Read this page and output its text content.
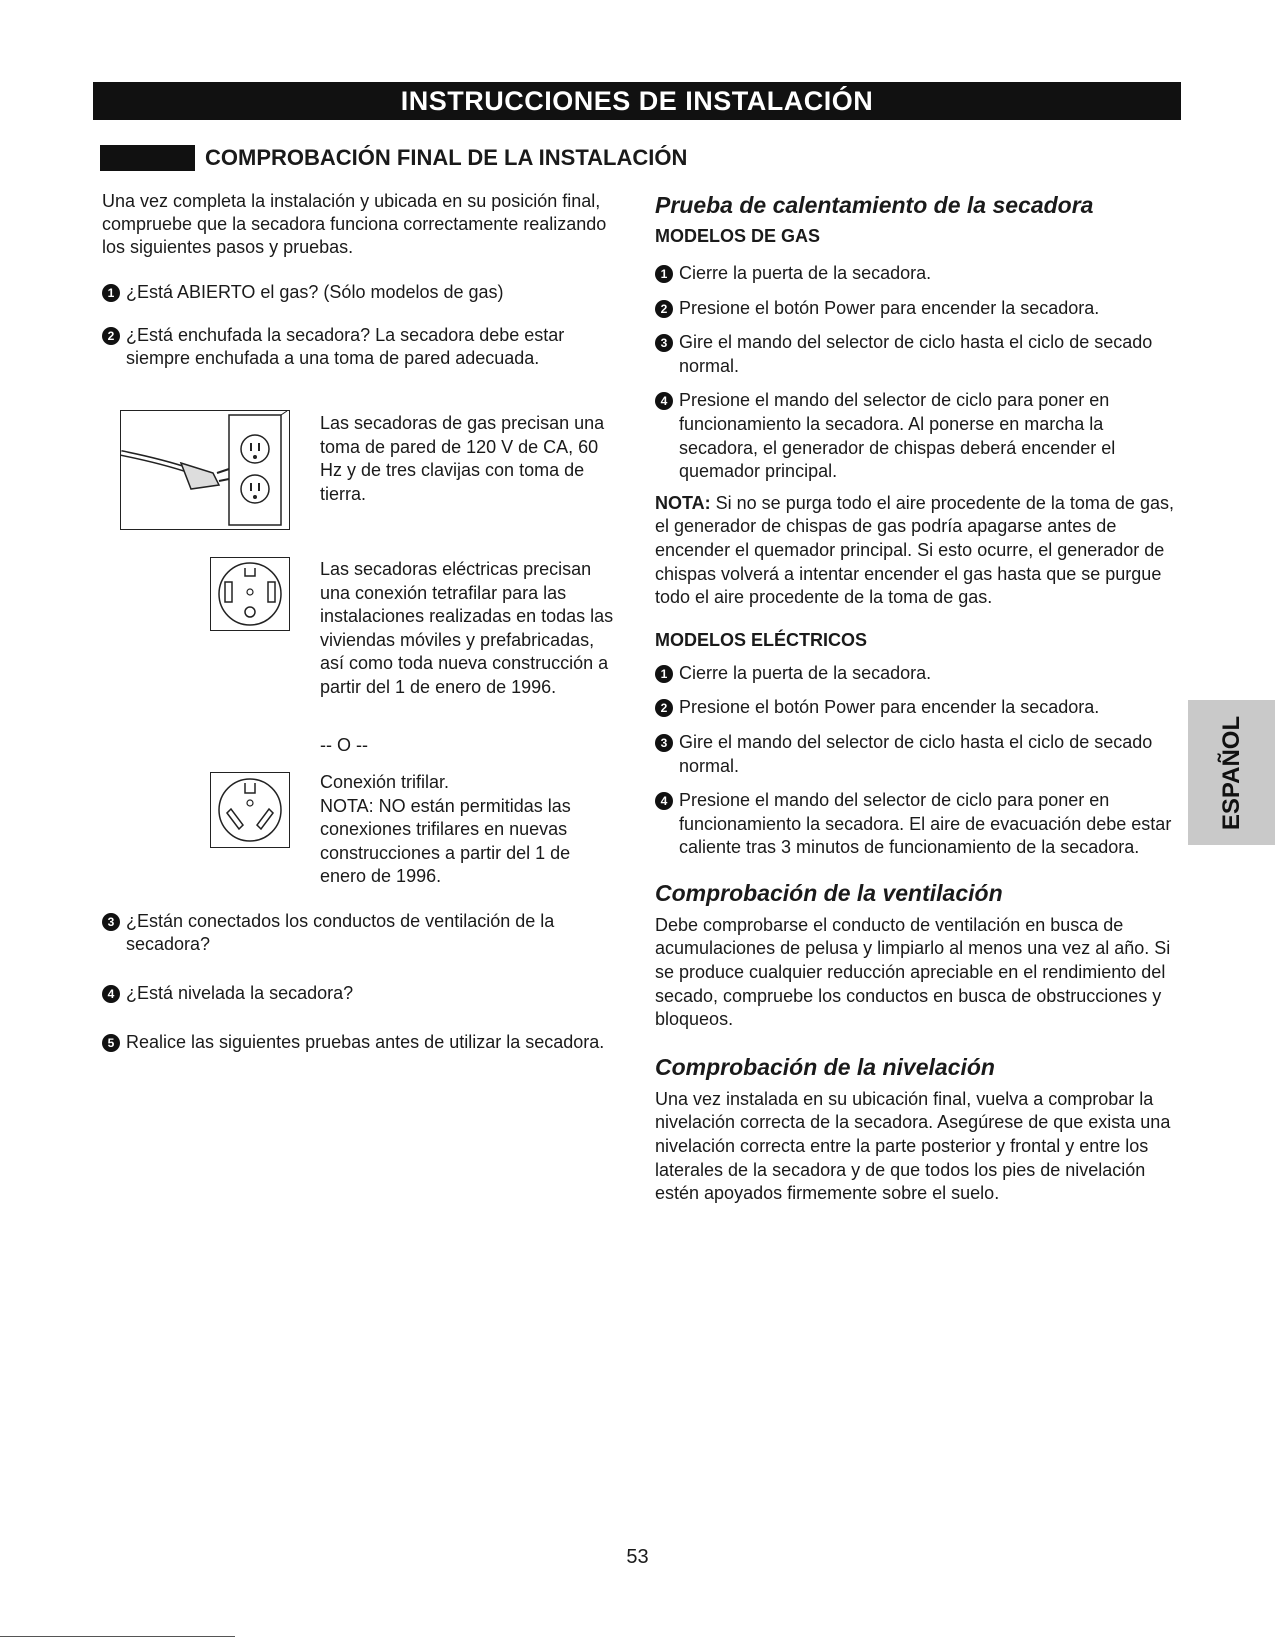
INSTRUCCIONES DE INSTALACIÓN
COMPROBACIÓN FINAL DE LA INSTALACIÓN

Una vez completa la instalación y ubicada en su posición final, compruebe que la secadora funciona correctamente realizando los siguientes pasos y pruebas.

1 ¿Está ABIERTO el gas? (Sólo modelos de gas)

2 ¿Está enchufada la secadora? La secadora debe estar siempre enchufada a una toma de pared adecuada.

Las secadoras de gas precisan una toma de pared de 120 V de CA, 60 Hz y de tres clavijas con toma de tierra.
Las secadoras eléctricas precisan una conexión tetrafilar para las instalaciones realizadas en todas las viviendas móviles y prefabricadas, así como toda nueva construcción a partir del 1 de enero de 1996.
-- O --
Conexión trifilar.
NOTA: NO están permitidas las conexiones trifilares en nuevas construcciones a partir del 1 de enero de 1996.

3 ¿Están conectados los conductos de ventilación de la secadora?

4 ¿Está nivelada la secadora?

5 Realice las siguientes pruebas antes de utilizar la secadora.

Prueba de calentamiento de la secadora
MODELOS DE GAS

1 Cierre la puerta de la secadora.

2 Presione el botón Power para encender la secadora.

3 Gire el mando del selector de ciclo hasta el ciclo de secado normal.

4 Presione el mando del selector de ciclo para poner en funcionamiento la secadora. Al ponerse en marcha la secadora, el generador de chispas deberá encender el quemador principal.

NOTA: Si no se purga todo el aire procedente de la toma de gas, el generador de chispas de gas podría apagarse antes de encender el quemador principal. Si esto ocurre, el generador de chispas volverá a intentar encender el gas hasta que se purgue todo el aire procedente de la toma de gas.

MODELOS ELÉCTRICOS

1 Cierre la puerta de la secadora.

2 Presione el botón Power para encender la secadora.

3 Gire el mando del selector de ciclo hasta el ciclo de secado normal.

4 Presione el mando del selector de ciclo para poner en funcionamiento la secadora. El aire de evacuación debe estar caliente tras 3 minutos de funcionamiento de la secadora.

Comprobación de la ventilación

Debe comprobarse el conducto de ventilación en busca de acumulaciones de pelusa y limpiarlo al menos una vez al año. Si se produce cualquier reducción apreciable en el rendimiento del secado, compruebe los conductos en busca de obstrucciones y bloqueos.

Comprobación de la nivelación

Una vez instalada en su ubicación final, vuelva a comprobar la nivelación correcta de la secadora. Asegúrese de que exista una nivelación correcta entre la parte posterior y frontal y entre los laterales de la secadora y de que todos los pies de nivelación estén apoyados firmemente sobre el suelo.

ESPAÑOL
53
